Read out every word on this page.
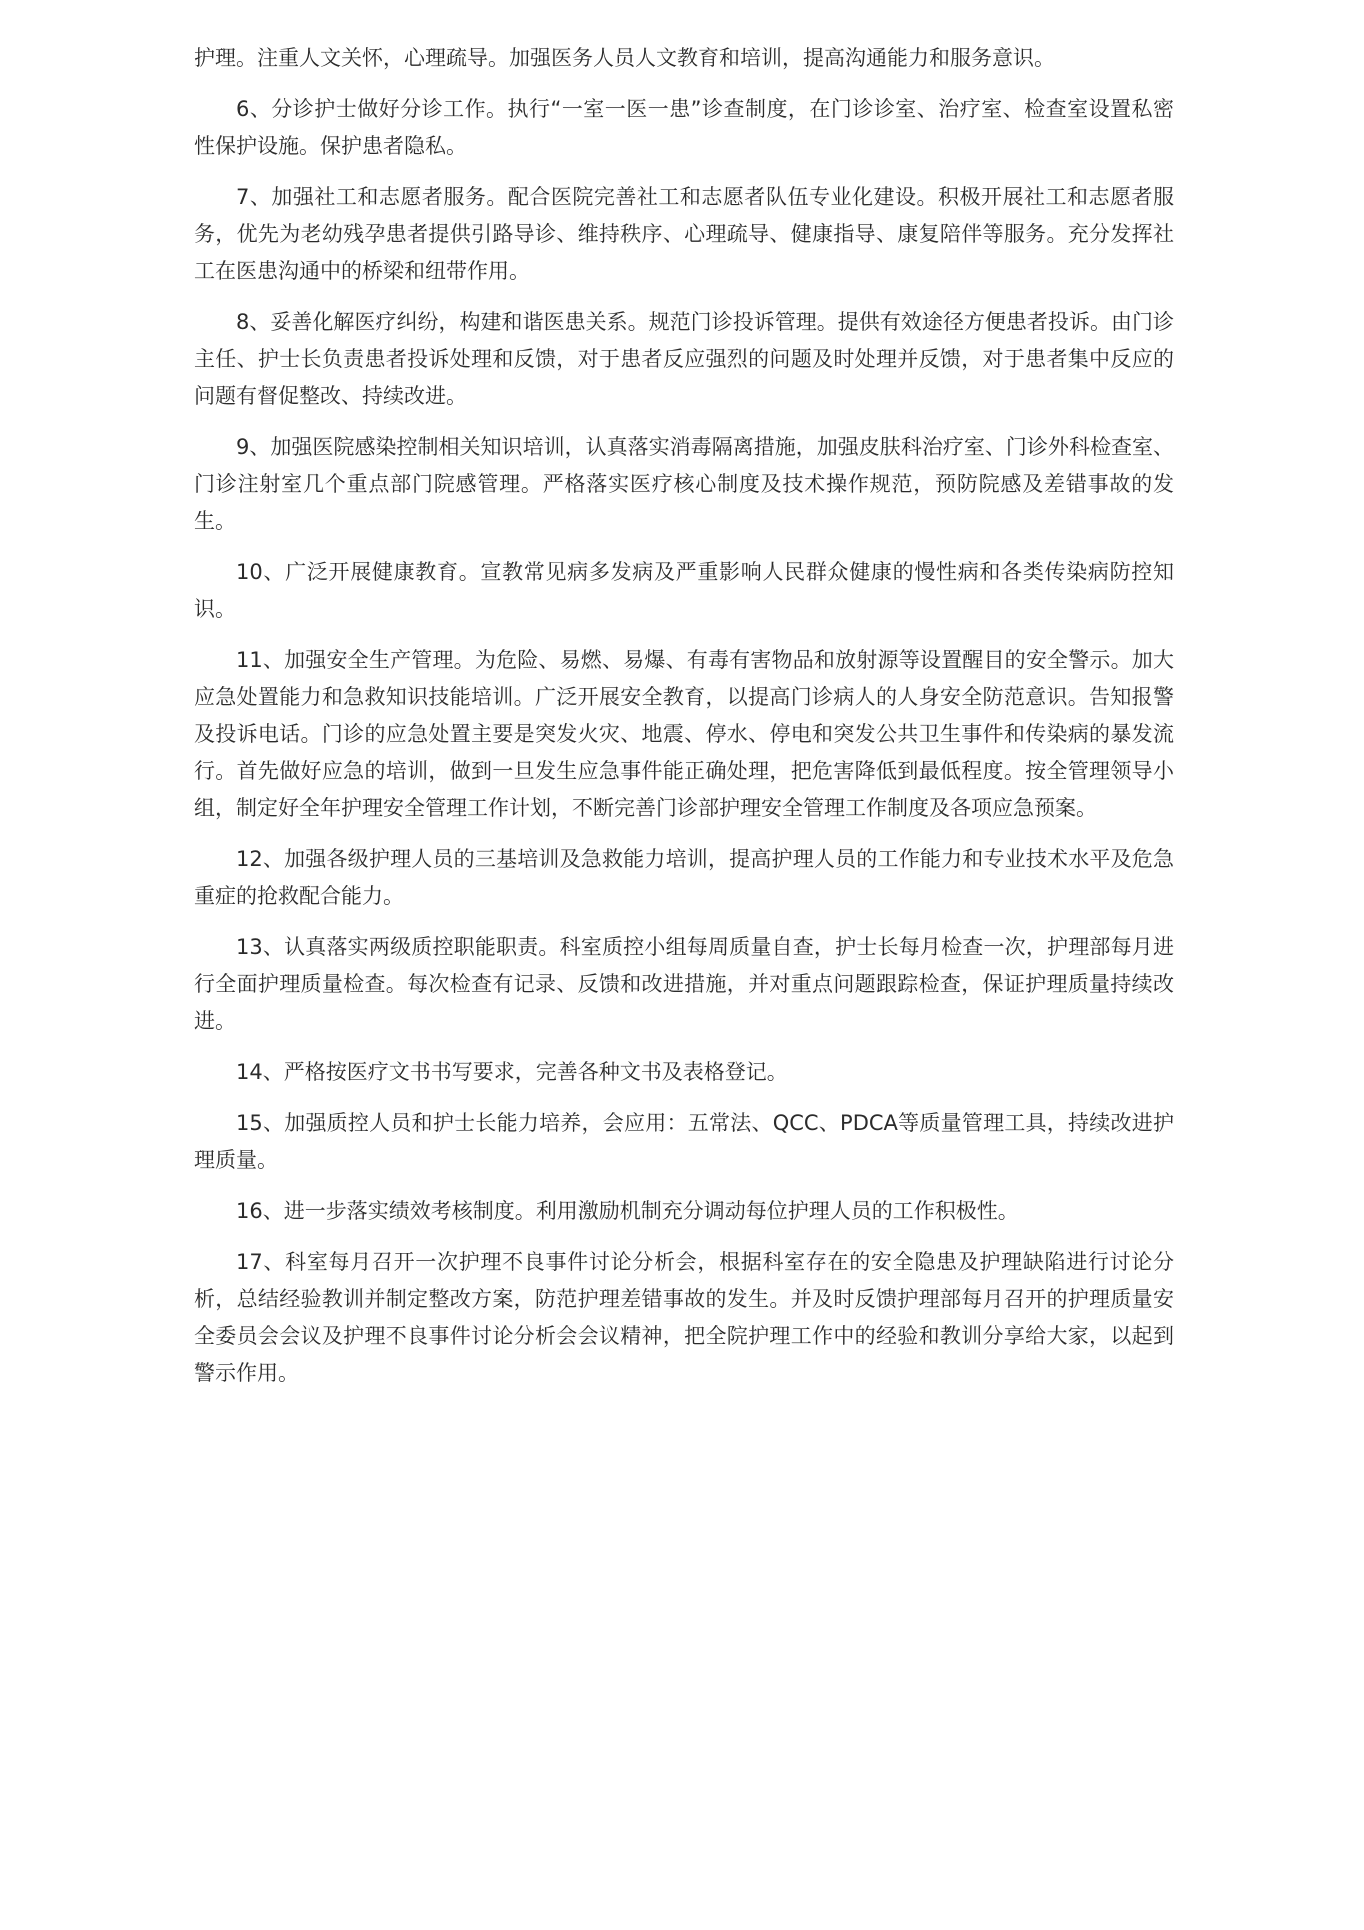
护理。注重人文关怀，心理疏导。加强医务人员人文教育和培训，提高沟通能力和服务意识。

6、分诊护士做好分诊工作。执行“一室一医一患”诊查制度，在门诊诊室、治疗室、检查室设置私密性保护设施。保护患者隐私。

7、加强社工和志愿者服务。配合医院完善社工和志愿者队伍专业化建设。积极开展社工和志愿者服务，优先为老幼残孕患者提供引路导诊、维持秩序、心理疏导、健康指导、康复陪伴等服务。充分发挥社工在医患沟通中的桥梁和纽带作用。

8、妥善化解医疗纠纷，构建和谐医患关系。规范门诊投诉管理。提供有效途径方便患者投诉。由门诊主任、护士长负责患者投诉处理和反馈，对于患者反应强烈的问题及时处理并反馈，对于患者集中反应的问题有督促整改、持续改进。

9、加强医院感染控制相关知识培训，认真落实消毒隔离措施，加强皮肤科治疗室、门诊外科检查室、门诊注射室几个重点部门院感管理。严格落实医疗核心制度及技术操作规范，预防院感及差错事故的发生。

10、广泛开展健康教育。宣教常见病多发病及严重影响人民群众健康的慢性病和各类传染病防控知识。

11、加强安全生产管理。为危险、易燃、易爆、有毒有害物品和放射源等设置醒目的安全警示。加大应急处置能力和急救知识技能培训。广泛开展安全教育，以提高门诊病人的人身安全防范意识。告知报警及投诉电话。门诊的应急处置主要是突发火灾、地震、停水、停电和突发公共卫生事件和传染病的暴发流行。首先做好应急的培训，做到一旦发生应急事件能正确处理，把危害降低到最低程度。按全管理领导小组，制定好全年护理安全管理工作计划，不断完善门诊部护理安全管理工作制度及各项应急预案。

12、加强各级护理人员的三基培训及急救能力培训，提高护理人员的工作能力和专业技术水平及危急重症的抢救配合能力。

13、认真落实两级质控职能职责。科室质控小组每周质量自查，护士长每月检查一次，护理部每月进行全面护理质量检查。每次检查有记录、反馈和改进措施，并对重点问题跟踪检查，保证护理质量持续改进。

14、严格按医疗文书书写要求，完善各种文书及表格登记。

15、加强质控人员和护士长能力培养，会应用：五常法、QCC、PDCA等质量管理工具，持续改进护理质量。

16、进一步落实绩效考核制度。利用激励机制充分调动每位护理人员的工作积极性。

17、科室每月召开一次护理不良事件讨论分析会，根据科室存在的安全隐患及护理缺陷进行讨论分析，总结经验教训并制定整改方案，防范护理差错事故的发生。并及时反馈护理部每月召开的护理质量安全委员会会议及护理不良事件讨论分析会会议精神，把全院护理工作中的经验和教训分享给大家，以起到警示作用。
